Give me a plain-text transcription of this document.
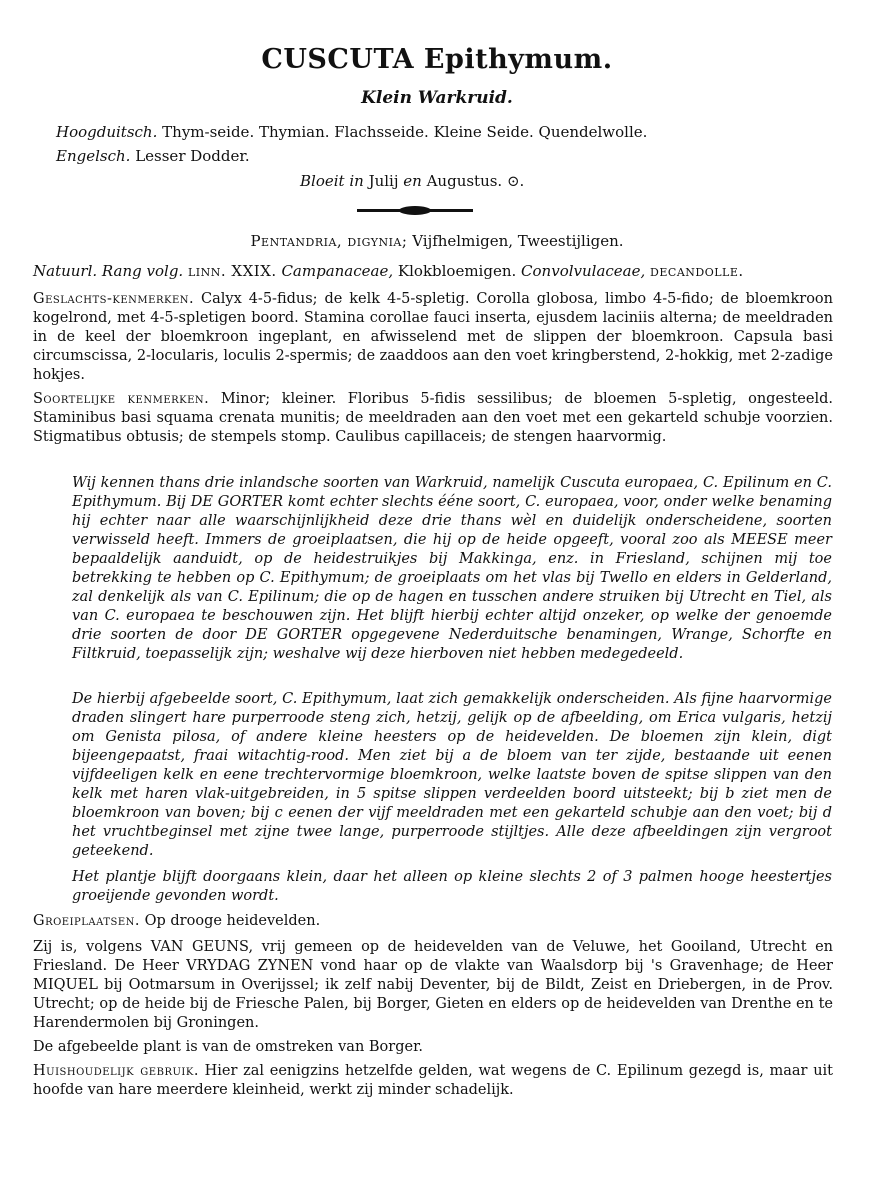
CUSCUTA Epithymum.
Klein Warkruid.
Hoogduitsch. Thym-seide. Thymian. Flachsseide. Kleine Seide. Quendelwolle.
Engelsch. Lesser Dodder.
Bloeit in Julij en Augustus. ⊙.
Pentandria, digynia; Vijfhelmigen, Tweestijligen.
Natuurl. Rang volg. linn. XXIX. Campanaceae, Klokbloemigen. Convolvulaceae, decandolle.
Geslachts-kenmerken. Calyx 4-5-fidus; de kelk 4-5-spletig. Corolla globosa, limbo 4-5-fido; de bloemkroon kogelrond, met 4-5-spletigen boord. Stamina corollae fauci inserta, ejusdem laciniis alterna; de meeldraden in de keel der bloemkroon ingeplant, en afwisselend met de slippen der bloemkroon. Capsula basi circumscissa, 2-locularis, loculis 2-spermis; de zaaddoos aan den voet kringberstend, 2-hokkig, met 2-zadige hokjes.
Soortelijke kenmerken. Minor; kleiner. Floribus 5-fidis sessilibus; de bloemen 5-spletig, ongesteeld. Staminibus basi squama crenata munitis; de meeldraden aan den voet met een gekarteld schubje voorzien. Stigmatibus obtusis; de stempels stomp. Caulibus capillaceis; de stengen haarvormig.
Wij kennen thans drie inlandsche soorten van Warkruid, namelijk Cuscuta europaea, C. Epilinum en C. Epithymum. Bij DE GORTER komt echter slechts ééne soort, C. europaea, voor, onder welke benaming hij echter naar alle waarschijnlijkheid deze drie thans wèl en duidelijk onderscheidene, soorten verwisseld heeft. Immers de groeiplaatsen, die hij op de heide opgeeft, vooral zoo als MEESE meer bepaaldelijk aanduidt, op de heidestruikjes bij Makkinga, enz. in Friesland, schijnen mij toe betrekking te hebben op C. Epithymum; de groeiplaats om het vlas bij Twello en elders in Gelderland, zal denkelijk als van C. Epilinum; die op de hagen en tusschen andere struiken bij Utrecht en Tiel, als van C. europaea te beschouwen zijn. Het blijft hierbij echter altijd onzeker, op welke der genoemde drie soorten de door DE GORTER opgegevene Nederduitsche benamingen, Wrange, Schorfte en Filtkruid, toepasselijk zijn; weshalve wij deze hierboven niet hebben medegedeeld.
De hierbij afgebeelde soort, C. Epithymum, laat zich gemakkelijk onderscheiden. Als fijne haarvormige draden slingert hare purperroode steng zich, hetzij, gelijk op de afbeelding, om Erica vulgaris, hetzij om Genista pilosa, of andere kleine heesters op de heidevelden. De bloemen zijn klein, digt bijeengepaatst, fraai witachtig-rood. Men ziet bij a de bloem van ter zijde, bestaande uit eenen vijfdeeligen kelk en eene trechtervormige bloemkroon, welke laatste boven de spitse slippen van den kelk met haren vlak-uitgebreiden, in 5 spitse slippen verdeelden boord uitsteekt; bij b ziet men de bloemkroon van boven; bij c eenen der vijf meeldraden met een gekarteld schubje aan den voet; bij d het vruchtbeginsel met zijne twee lange, purperroode stijltjes. Alle deze afbeeldingen zijn vergroot geteekend.
Het plantje blijft doorgaans klein, daar het alleen op kleine slechts 2 of 3 palmen hooge heestertjes groeijende gevonden wordt.
Groeiplaatsen. Op drooge heidevelden.
Zij is, volgens VAN GEUNS, vrij gemeen op de heidevelden van de Veluwe, het Gooiland, Utrecht en Friesland. De Heer VRYDAG ZYNEN vond haar op de vlakte van Waalsdorp bij 's Gravenhage; de Heer MIQUEL bij Ootmarsum in Overijssel; ik zelf nabij Deventer, bij de Bildt, Zeist en Driebergen, in de Prov. Utrecht; op de heide bij de Friesche Palen, bij Borger, Gieten en elders op de heidevelden van Drenthe en te Harendermolen bij Groningen.
De afgebeelde plant is van de omstreken van Borger.
Huishoudelijk gebruik. Hier zal eenigzins hetzelfde gelden, wat wegens de C. Epilinum gezegd is, maar uit hoofde van hare meerdere kleinheid, werkt zij minder schadelijk.
